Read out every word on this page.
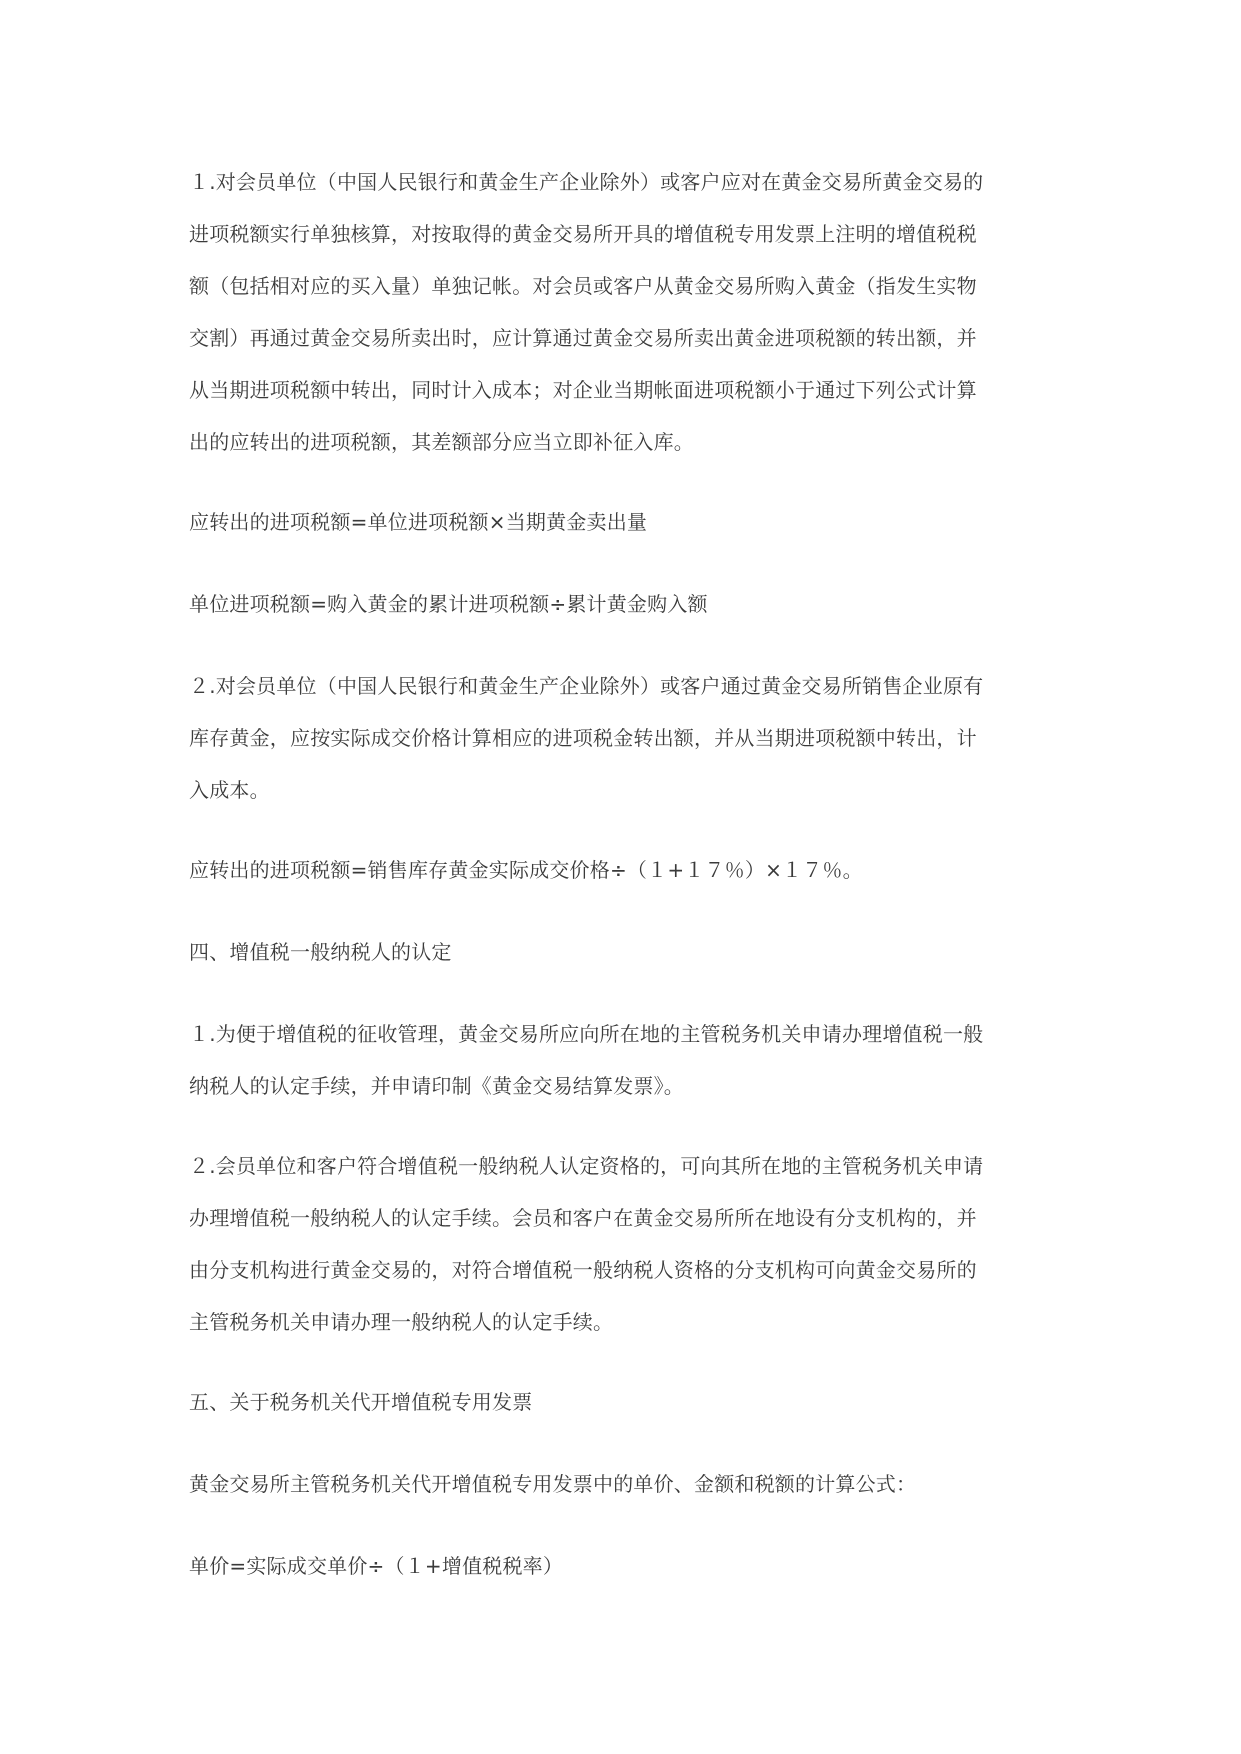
１.对会员单位（中国人民银行和黄金生产企业除外）或客户应对在黄金交易所黄金交易的
进项税额实行单独核算，对按取得的黄金交易所开具的增值税专用发票上注明的增值税税
额（包括相对应的买入量）单独记帐。对会员或客户从黄金交易所购入黄金（指发生实物
交割）再通过黄金交易所卖出时，应计算通过黄金交易所卖出黄金进项税额的转出额，并
从当期进项税额中转出，同时计入成本；对企业当期帐面进项税额小于通过下列公式计算
出的应转出的进项税额，其差额部分应当立即补征入库。
应转出的进项税额=单位进项税额×当期黄金卖出量
单位进项税额=购入黄金的累计进项税额÷累计黄金购入额
２.对会员单位（中国人民银行和黄金生产企业除外）或客户通过黄金交易所销售企业原有
库存黄金，应按实际成交价格计算相应的进项税金转出额，并从当期进项税额中转出，计
入成本。
应转出的进项税额=销售库存黄金实际成交价格÷（１+１７％）×１７％。
四、增值税一般纳税人的认定
１.为便于增值税的征收管理，黄金交易所应向所在地的主管税务机关申请办理增值税一般
纳税人的认定手续，并申请印制《黄金交易结算发票》。
２.会员单位和客户符合增值税一般纳税人认定资格的，可向其所在地的主管税务机关申请
办理增值税一般纳税人的认定手续。会员和客户在黄金交易所所在地设有分支机构的，并
由分支机构进行黄金交易的，对符合增值税一般纳税人资格的分支机构可向黄金交易所的
主管税务机关申请办理一般纳税人的认定手续。
五、关于税务机关代开增值税专用发票
黄金交易所主管税务机关代开增值税专用发票中的单价、金额和税额的计算公式：
单价=实际成交单价÷（１+增值税税率）
